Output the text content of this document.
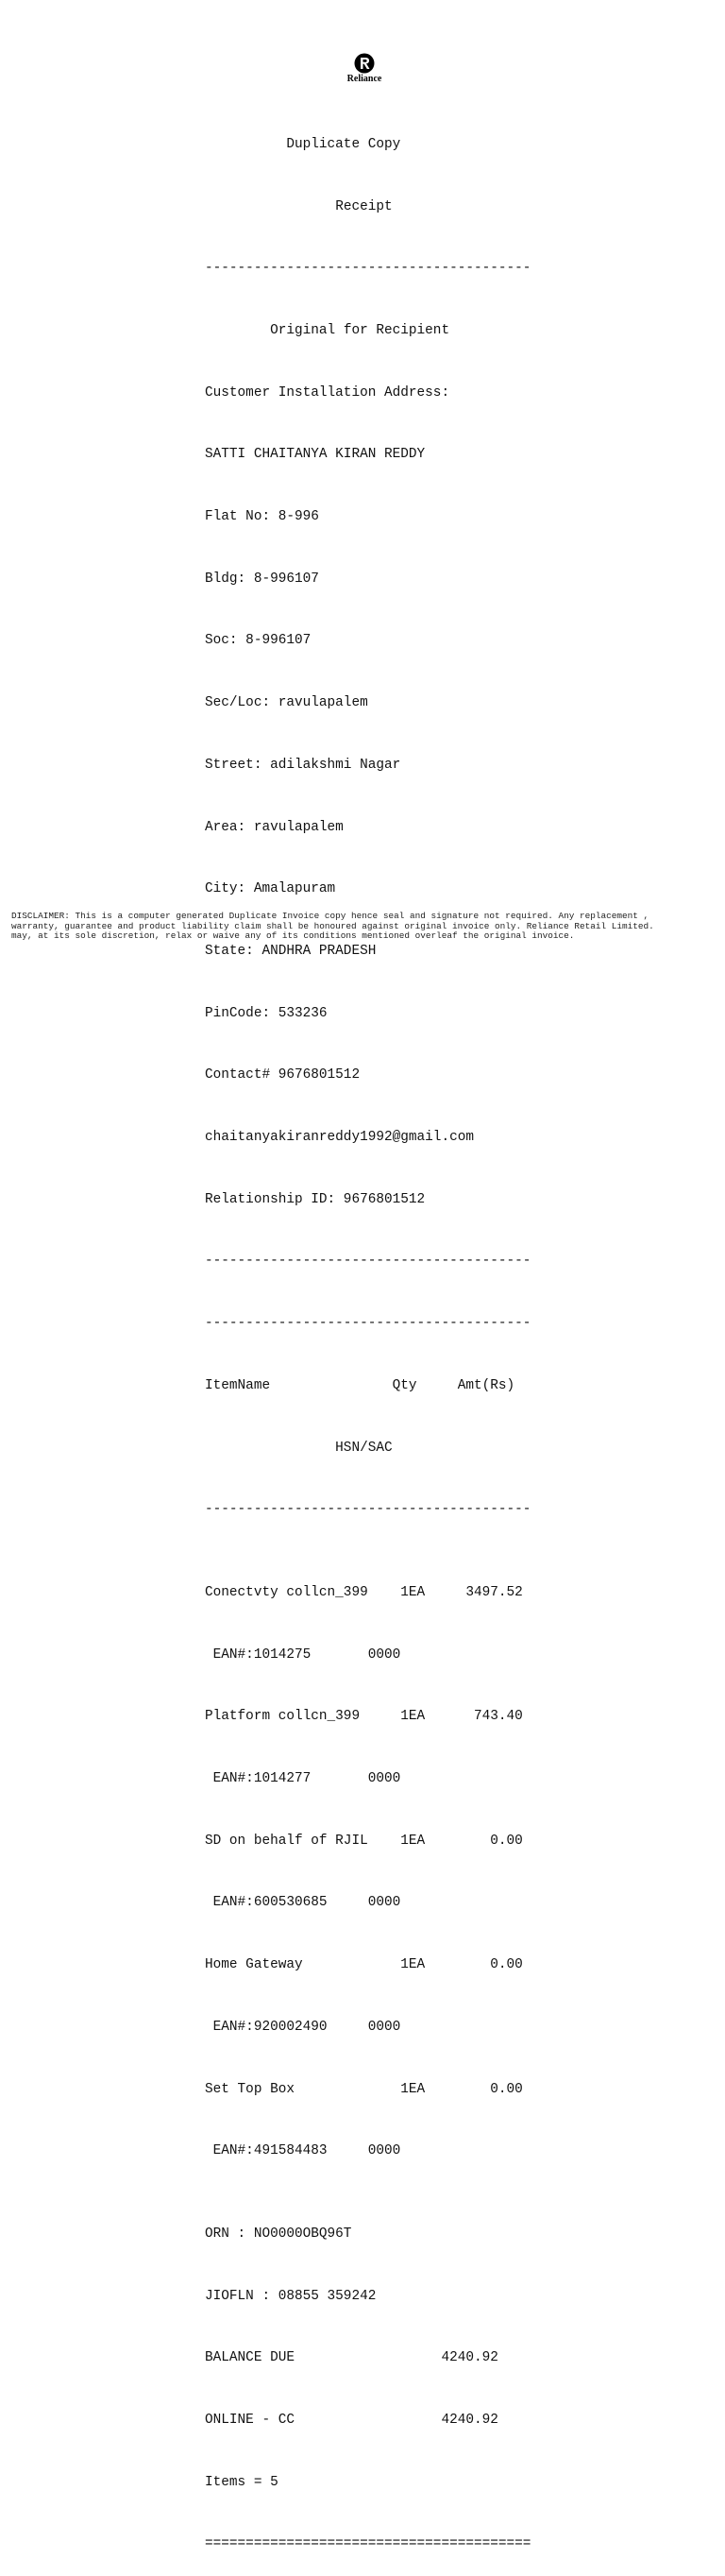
Reliance

Duplicate Copy

Receipt

----------------------------------------

Original for Recipient

Customer Installation Address:

SATTI CHAITANYA KIRAN REDDY

Flat No: 8-996

Bldg: 8-996107

Soc: 8-996107

Sec/Loc: ravulapalem

Street: adilakshmi Nagar

Area: ravulapalem

City: Amalapuram

State: ANDHRA PRADESH

PinCode: 533236

Contact# 9676801512

chaitanyakiranreddy1992@gmail.com

Relationship ID: 9676801512

----------------------------------------

----------------------------------------

ItemName               Qty     Amt(Rs)

HSN/SAC

----------------------------------------

Conectvty collcn_399    1EA     3497.52

EAN#:1014275       0000

Platform collcn_399     1EA      743.40

EAN#:1014277       0000

SD on behalf of RJIL    1EA        0.00

EAN#:600530685     0000

Home Gateway            1EA        0.00

EAN#:920002490     0000

Set Top Box             1EA        0.00

EAN#:491584483     0000

ORN : NO0000OBQ96T

JIOFLN : 08855 359242

BALANCE DUE                  4240.92

ONLINE - CC                  4240.92

Items = 5

========================================

DISCLAIMER: This is a computer generated Duplicate Invoice copy hence seal and signature not required. Any replacement ,
warranty, guarantee and product liability claim shall be honoured against original invoice only. Reliance Retail Limited.
may, at its sole discretion, relax or waive any of its conditions mentioned overleaf the original invoice.
